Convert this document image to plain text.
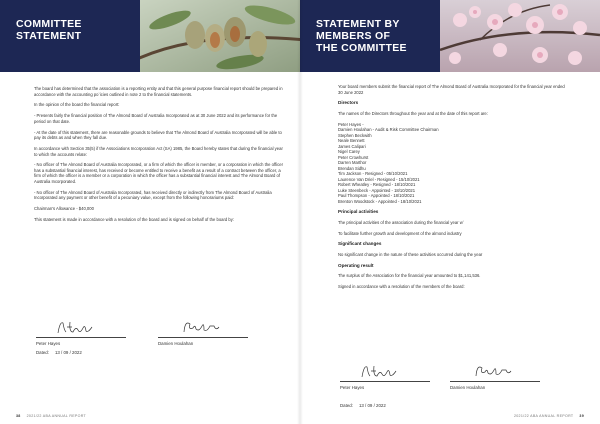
COMMITTEE
STATEMENT

The board has determined that the association is a reporting entity and that this general purpose financial report should be prepared in accordance with the accounting po`icies outlined in note 2 to the financial statements.

In the opinion of the board the financial report:

- Presents fairly the financial position of The Almond Board of Australia Incorporated as at 30 June 2022 and its performance for the period on that date.

- At the date of this statement, there are reasonable grounds to believe that The Almond Board of Australia Incorporated will be able to pay its debts as and when they fall due.

In accordance with Section 35(5) if the Associations Incorporation Act (SA) 1985, the Board hereby states that during the financial year to which the accounts relate:

- No officer of The Almond Board of Australia Incorporated, or a firm of which the officer is member, or a corporation in which the officer has a substantial financial interest, has received or become entitled to receive a benefit as a result of a contract between the officer, a firm of which the officer is a member or a corporation in which the officer has a substantial financial interest and The Almond Board of Australia Incorporated.

- No officer of The Almond Board of Australia Incorporated, has received directly or indirectly from The Almond Board of Australia Incorporated any payment or other benefit of a pecuniary value, except from the following honorariums paid:

Chairman's Allowance - $40,000

This statement is made in accordance with a resolution of the board and is signed on behalf of the board by:

Peter Hayes	Damien Houlahan
Dated: 13 / 09 / 2022
38 2021/22 ABA ANNUAL REPORT
STATEMENT BY
MEMBERS OF
THE COMMITTEE

Your board members submit the financial report of The Almond Board of Australia Incorporated for the financial year ended 30 June 2022

Directors

The names of the Directors throughout the year and at the date of this report are:

Peter Hayes -
Damien Houlahan - Audit & Risk Committee Chairman
Stephen Beckwith
Neale Bennett
James Calipari
Nigel Carey
Peter Crowhurst
Darren Marthor
Brendan Sidhu
Tim Jackson - Resigned - 05/10/2021
Laurence Van Driel - Resigned - 15/10/2021
Robert Wheatley - Resigned - 18/10/2021
Luke Steenbeck - Appointed - 18/10/2021
Paul Thompson - Appointed - 18/10/2021
Brenton Woodstock - Appointed - 18/10/2021
Principal activities

The principal activities of the association during the financial year w`

To facilitate further growth and development of the almond industry

Significant changes

No significant change in the nature of these activities occurred during the year

Operating result

The surplus of the Association for the financial year amounted to $1,141,536.

Signed in accordance with a resolution of the members of the board:

Peter Hayes	Damien Houlahan
Dated: 13 / 09 / 2022
2021/22 ABA ANNUAL REPORT 39
